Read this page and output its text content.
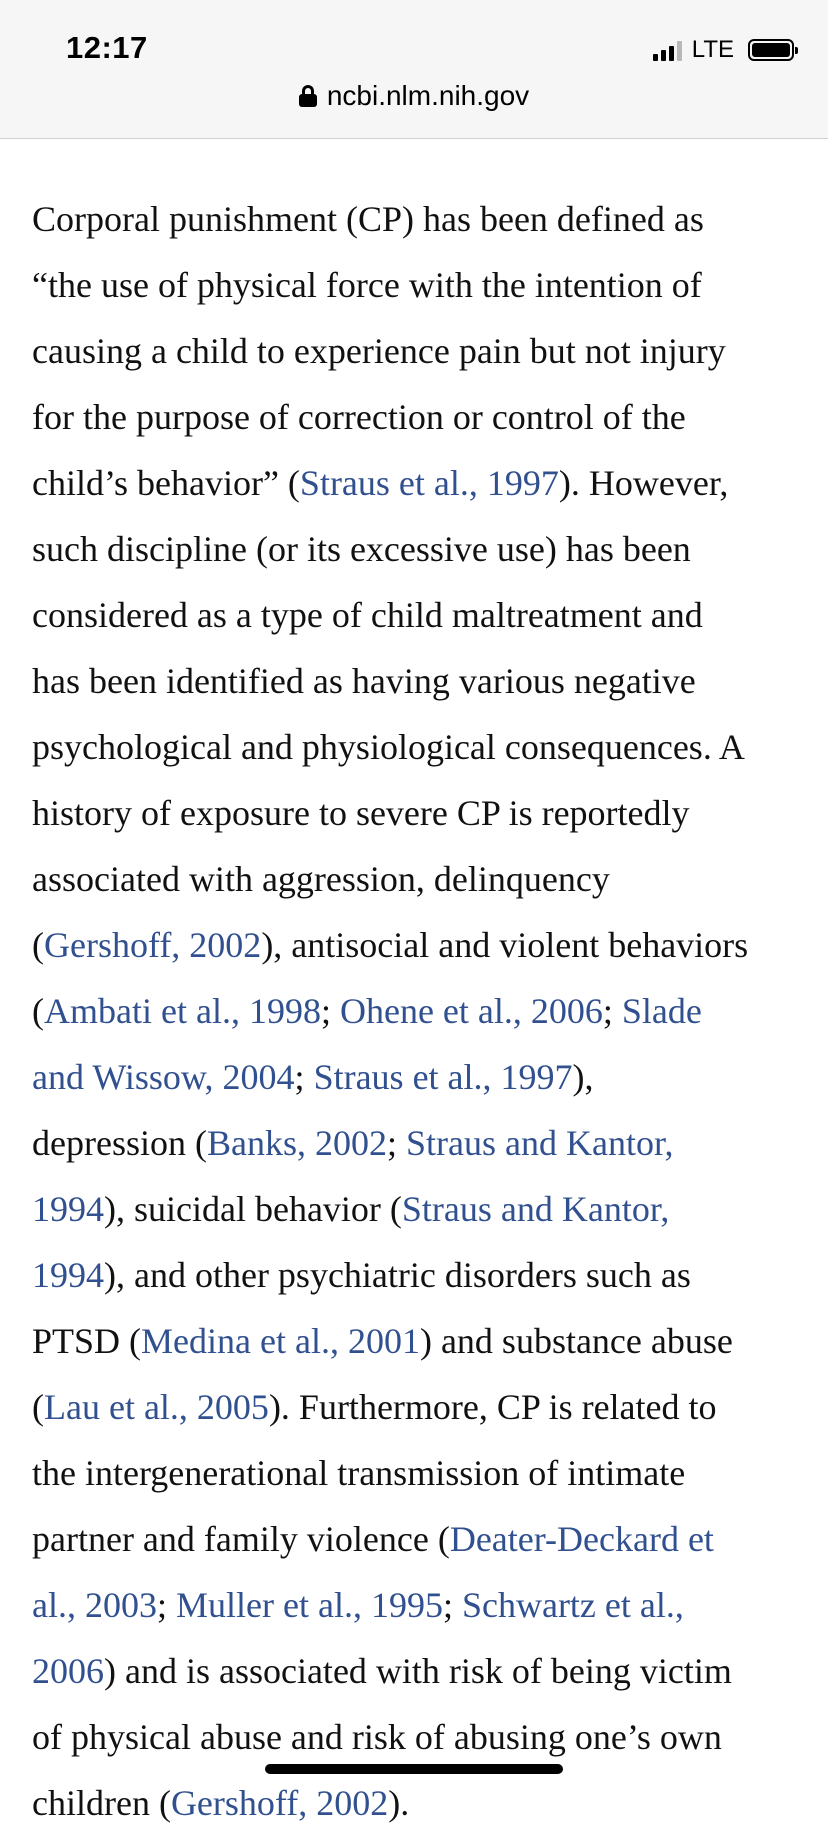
12:17	LTE
ncbi.nlm.nih.gov

Corporal punishment (CP) has been defined as
“the use of physical force with the intention of
causing a child to experience pain but not injury
for the purpose of correction or control of the
child’s behavior” (Straus et al., 1997). However,
such discipline (or its excessive use) has been
considered as a type of child maltreatment and
has been identified as having various negative
psychological and physiological consequences. A
history of exposure to severe CP is reportedly
associated with aggression, delinquency
(Gershoff, 2002), antisocial and violent behaviors
(Ambati et al., 1998; Ohene et al., 2006; Slade
and Wissow, 2004; Straus et al., 1997),
depression (Banks, 2002; Straus and Kantor,
1994), suicidal behavior (Straus and Kantor,
1994), and other psychiatric disorders such as
PTSD (Medina et al., 2001) and substance abuse
(Lau et al., 2005). Furthermore, CP is related to
the intergenerational transmission of intimate
partner and family violence (Deater-Deckard et
al., 2003; Muller et al., 1995; Schwartz et al.,
2006) and is associated with risk of being victim
of physical abuse and risk of abusing one’s own
children (Gershoff, 2002).
